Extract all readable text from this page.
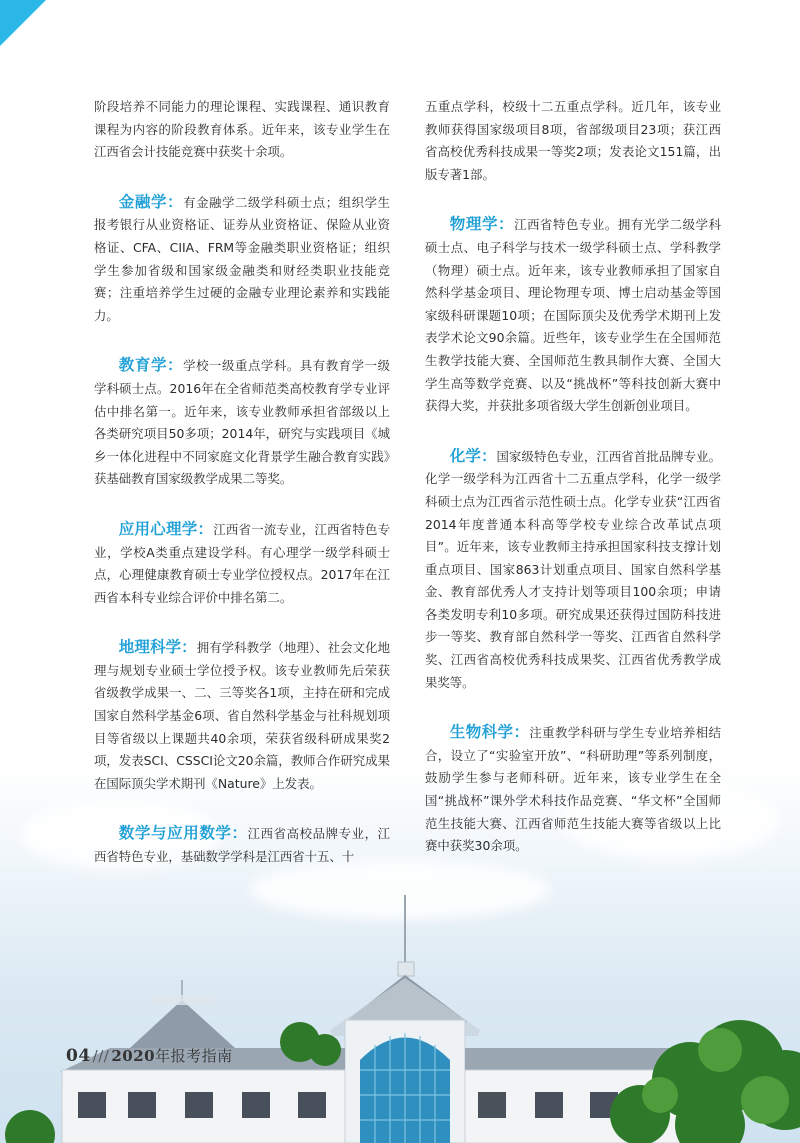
阶段培养不同能力的理论课程、实践课程、通识教育课程为内容的阶段教育体系。近年来，该专业学生在江西省会计技能竞赛中获奖十余项。

金融学：有金融学二级学科硕士点；组织学生报考银行从业资格证、证券从业资格证、保险从业资格证、CFA、CIIA、FRM等金融类职业资格证；组织学生参加省级和国家级金融类和财经类职业技能竞赛；注重培养学生过硬的金融专业理论素养和实践能力。

教育学：学校一级重点学科。具有教育学一级学科硕士点。2016年在全省师范类高校教育学专业评估中排名第一。近年来，该专业教师承担省部级以上各类研究项目50多项；2014年，研究与实践项目《城乡一体化进程中不同家庭文化背景学生融合教育实践》获基础教育国家级教学成果二等奖。

应用心理学：江西省一流专业，江西省特色专业，学校A类重点建设学科。有心理学一级学科硕士点，心理健康教育硕士专业学位授权点。2017年在江西省本科专业综合评价中排名第二。

地理科学：拥有学科教学（地理）、社会文化地理与规划专业硕士学位授予权。该专业教师先后荣获省级教学成果一、二、三等奖各1项，主持在研和完成国家自然科学基金6项、省自然科学基金与社科规划项目等省级以上课题共40余项，荣获省级科研成果奖2项，发表SCI、CSSCI论文20余篇，教师合作研究成果在国际顶尖学术期刊《Nature》上发表。

数学与应用数学：江西省高校品牌专业，江西省特色专业，基础数学学科是江西省十五、十

五重点学科，校级十二五重点学科。近几年，该专业教师获得国家级项目8项，省部级项目23项；获江西省高校优秀科技成果一等奖2项；发表论文151篇，出版专著1部。

物理学：江西省特色专业。拥有光学二级学科硕士点、电子科学与技术一级学科硕士点、学科教学（物理）硕士点。近年来，该专业教师承担了国家自然科学基金项目、理论物理专项、博士启动基金等国家级科研课题10项；在国际顶尖及优秀学术期刊上发表学术论文90余篇。近些年，该专业学生在全国师范生教学技能大赛、全国师范生教具制作大赛、全国大学生高等数学竞赛、以及“挑战杯”等科技创新大赛中获得大奖，并获批多项省级大学生创新创业项目。

化学：国家级特色专业，江西省首批品牌专业。化学一级学科为江西省十二五重点学科，化学一级学科硕士点为江西省示范性硕士点。化学专业获“江西省2014年度普通本科高等学校专业综合改革试点项目”。近年来，该专业教师主持承担国家科技支撑计划重点项目、国家863计划重点项目、国家自然科学基金、教育部优秀人才支持计划等项目100余项；申请各类发明专利10多项。研究成果还获得过国防科技进步一等奖、教育部自然科学一等奖、江西省自然科学奖、江西省高校优秀科技成果奖、江西省优秀教学成果奖等。

生物科学：注重教学科研与学生专业培养相结合，设立了“实验室开放”、“科研助理”等系列制度，鼓励学生参与老师科研。近年来，该专业学生在全国“挑战杯”课外学术科技作品竞赛、“华文杯”全国师范生技能大赛、江西省师范生技能大赛等省级以上比赛中获奖30余项。

04 /// 2020年报考指南
